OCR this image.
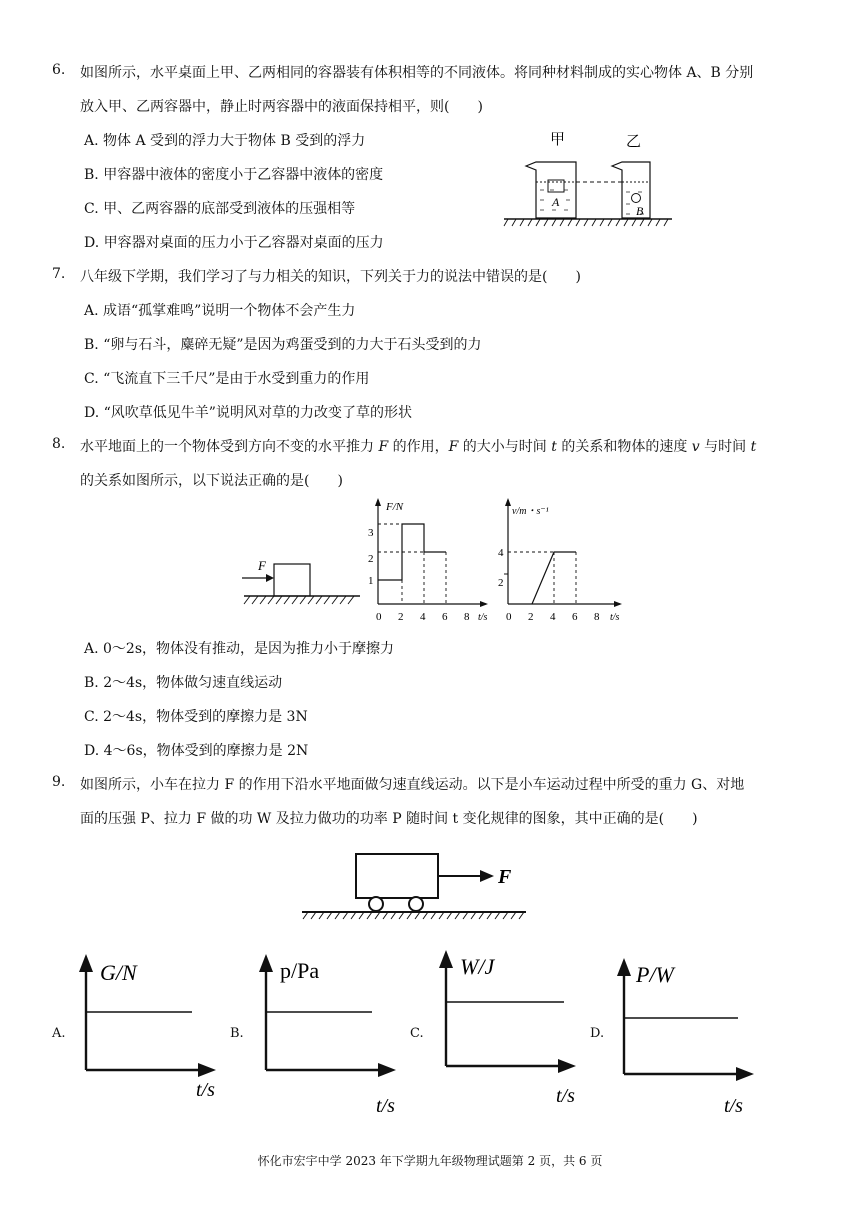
6. 如图所示，水平桌面上甲、乙两相同的容器装有体积相等的不同液体。将同种材料制成的实心物体 A、B 分别
放入甲、乙两容器中，静止时两容器中的液面保持相平，则(　　)
A. 物体 A 受到的浮力大于物体 B 受到的浮力
B. 甲容器中液体的密度小于乙容器中液体的密度
C. 甲、乙两容器的底部受到液体的压强相等
D. 甲容器对桌面的压力小于乙容器对桌面的压力
甲	乙
A
B
7. 八年级下学期，我们学习了与力相关的知识，下列关于力的说法中错误的是(　　)
A. 成语“孤掌难鸣”说明一个物体不会产生力
B. “卵与石斗，麋碎无疑”是因为鸡蛋受到的力大于石头受到的力
C. “飞流直下三千尺”是由于水受到重力的作用
D. “风吹草低见牛羊”说明风对草的力改变了草的形状
8. 水平地面上的一个物体受到方向不变的水平推力 F 的作用，F 的大小与时间 t 的关系和物体的速度 v 与时间 t
的关系如图所示，以下说法正确的是(　　)
F
F/N
1
2
3
0 2 4 6 8 t/s
v/m・s⁻¹
2
4
0 2 4 6 8 t/s
A. 0～2s，物体没有推动，是因为推力小于摩擦力
B. 2～4s，物体做匀速直线运动
C. 2～4s，物体受到的摩擦力是 3N
D. 4～6s，物体受到的摩擦力是 2N
9. 如图所示，小车在拉力 F 的作用下沿水平地面做匀速直线运动。以下是小车运动过程中所受的重力 G、对地
面的压强 P、拉力 F 做的功 W 及拉力做功的功率 P 随时间 t 变化规律的图象，其中正确的是(　　)
F
A.
G/N
t/s
B.
p/Pa
t/s
C.
W/J
t/s
D.
P/W
t/s
怀化市宏宇中学 2023 年下学期九年级物理试题第 2 页，共 6 页
